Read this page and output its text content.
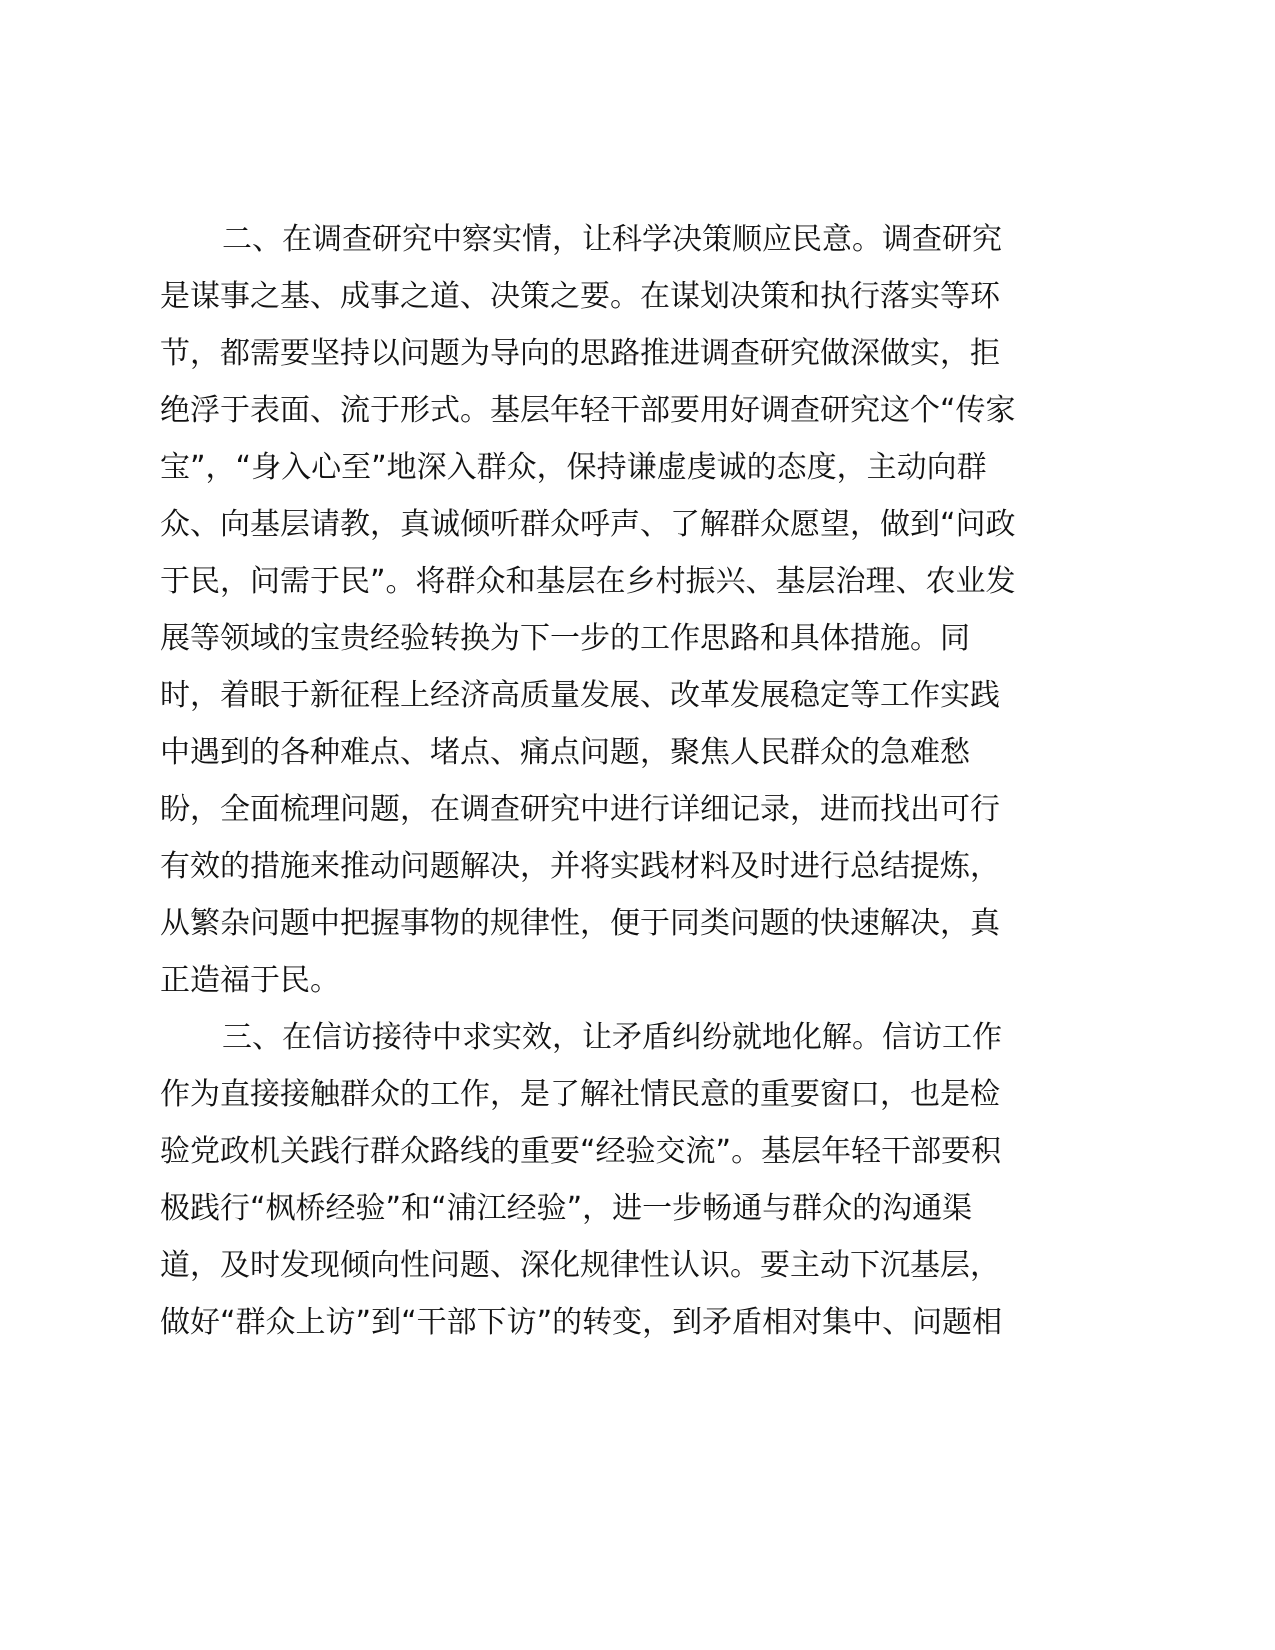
二、在调查研究中察实情，让科学决策顺应民意。调查研究
是谋事之基、成事之道、决策之要。在谋划决策和执行落实等环
节，都需要坚持以问题为导向的思路推进调查研究做深做实，拒
绝浮于表面、流于形式。基层年轻干部要用好调查研究这个“传家
宝”，“身入心至”地深入群众，保持谦虚虔诚的态度，主动向群
众、向基层请教，真诚倾听群众呼声、了解群众愿望，做到“问政
于民，问需于民”。将群众和基层在乡村振兴、基层治理、农业发
展等领域的宝贵经验转换为下一步的工作思路和具体措施。同
时，着眼于新征程上经济高质量发展、改革发展稳定等工作实践
中遇到的各种难点、堵点、痛点问题，聚焦人民群众的急难愁
盼，全面梳理问题，在调查研究中进行详细记录，进而找出可行
有效的措施来推动问题解决，并将实践材料及时进行总结提炼，
从繁杂问题中把握事物的规律性，便于同类问题的快速解决，真
正造福于民。
三、在信访接待中求实效，让矛盾纠纷就地化解。信访工作
作为直接接触群众的工作，是了解社情民意的重要窗口，也是检
验党政机关践行群众路线的重要“经验交流”。基层年轻干部要积
极践行“枫桥经验”和“浦江经验”，进一步畅通与群众的沟通渠
道，及时发现倾向性问题、深化规律性认识。要主动下沉基层，
做好“群众上访”到“干部下访”的转变，到矛盾相对集中、问题相
